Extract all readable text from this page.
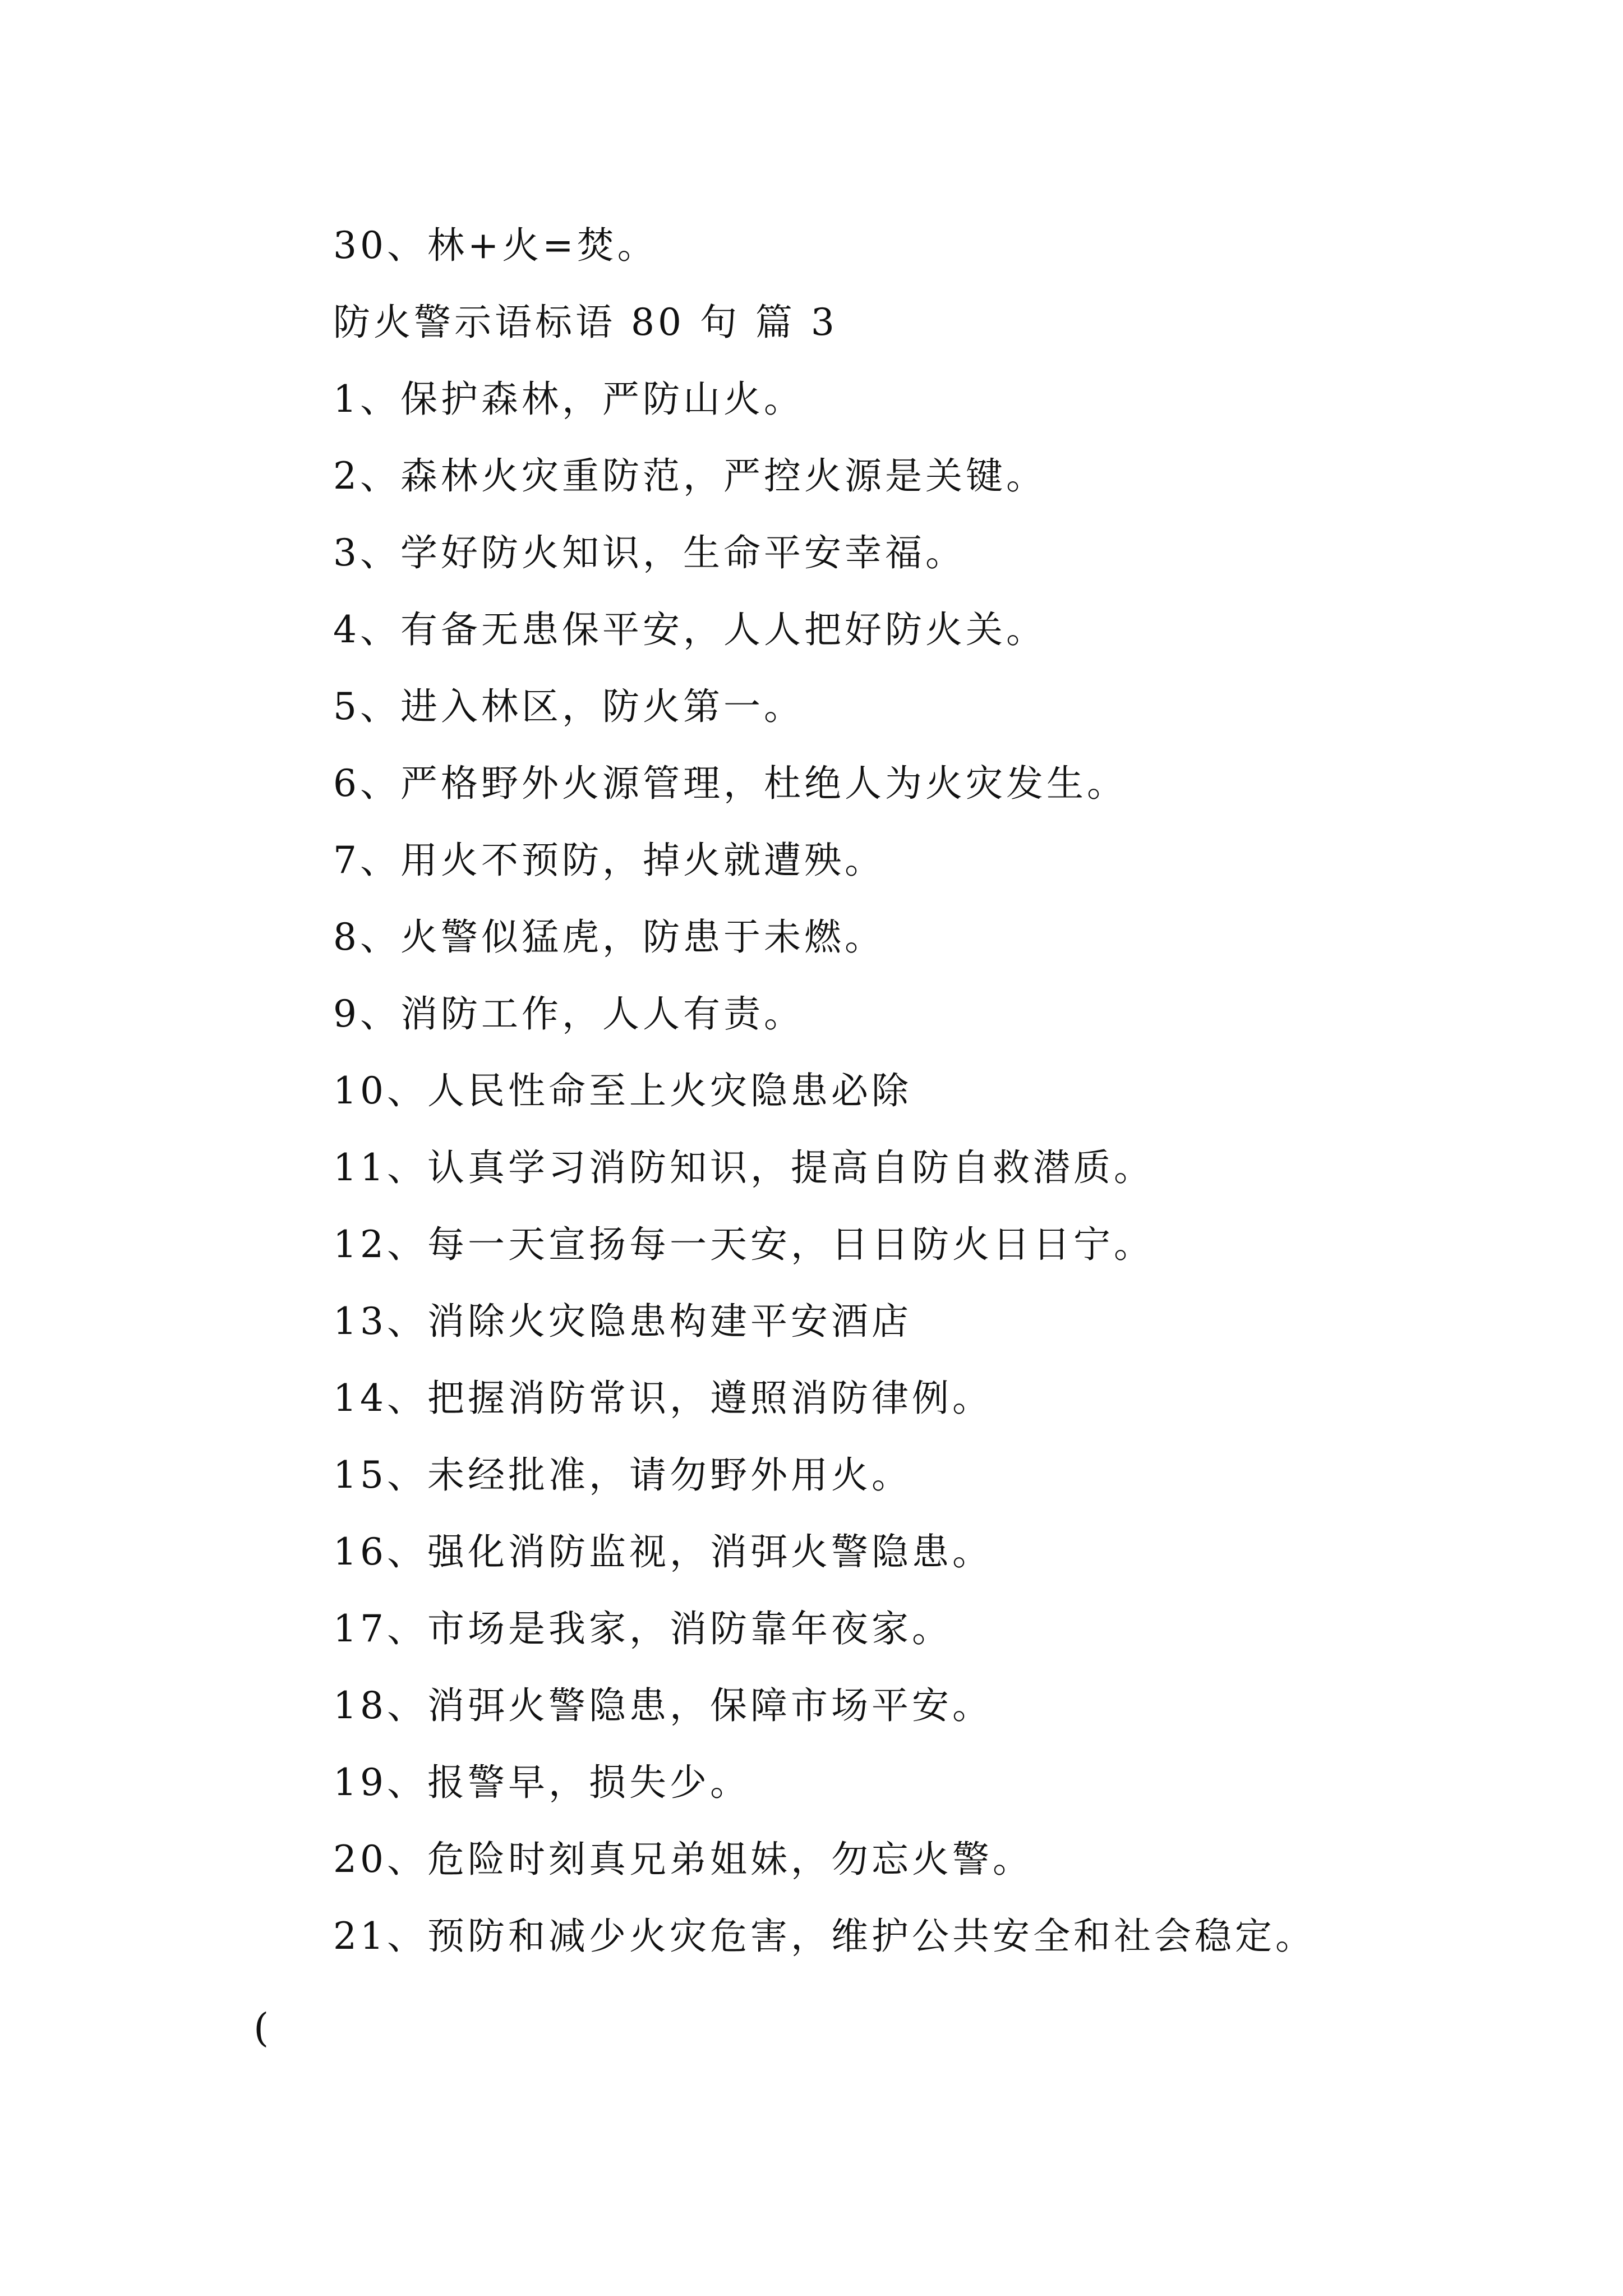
30、林+火=焚。
防火警示语标语 80 句 篇 3
1、保护森林，严防山火。
2、森林火灾重防范，严控火源是关键。
3、学好防火知识，生命平安幸福。
4、有备无患保平安，人人把好防火关。
5、进入林区，防火第一。
6、严格野外火源管理，杜绝人为火灾发生。
7、用火不预防，掉火就遭殃。
8、火警似猛虎，防患于未燃。
9、消防工作，人人有责。
10、人民性命至上火灾隐患必除
11、认真学习消防知识，提高自防自救潜质。
12、每一天宣扬每一天安，日日防火日日宁。
13、消除火灾隐患构建平安酒店
14、把握消防常识，遵照消防律例。
15、未经批准，请勿野外用火。
16、强化消防监视，消弭火警隐患。
17、市场是我家，消防靠年夜家。
18、消弭火警隐患，保障市场平安。
19、报警早，损失少。
20、危险时刻真兄弟姐妹，勿忘火警。
21、预防和减少火灾危害，维护公共安全和社会稳定。
(
